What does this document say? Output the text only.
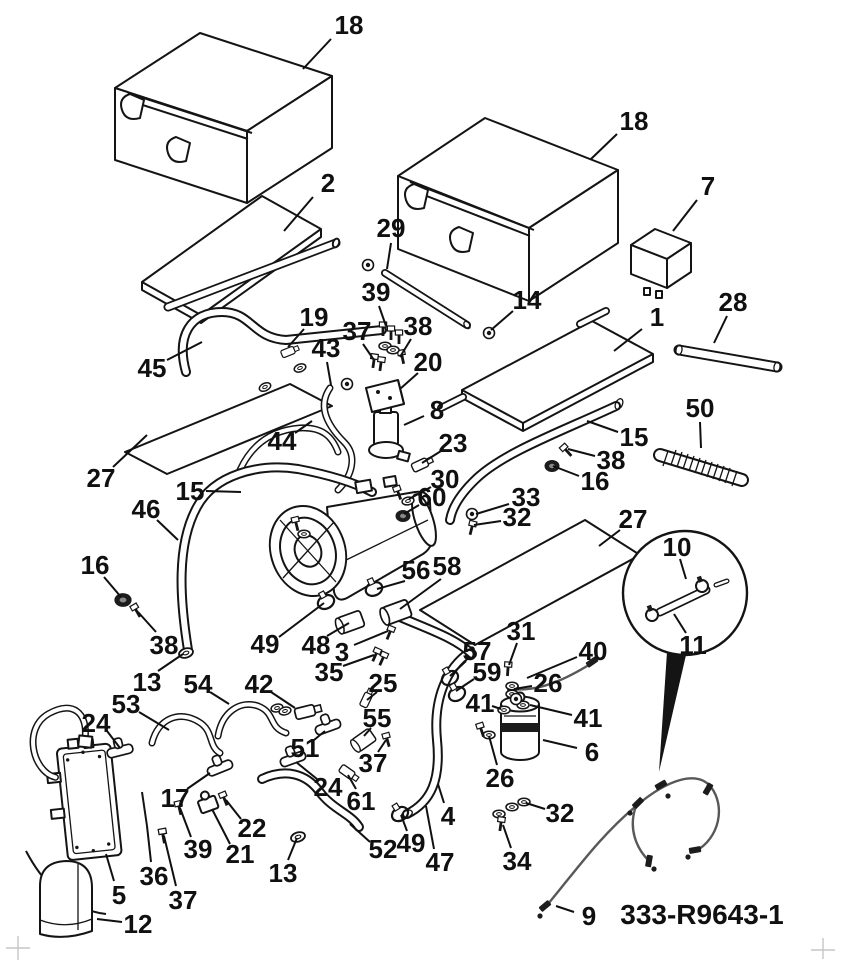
333-R9643-1
18
2
18
7
29
28
14
1
39
37 38
19
43	20
45
44
8
27
23	15
38
16
50
15	30
60	33
32
46
16
38
27
10
11
56 58
49 48 3
35
13 54 42	25
57
59
31
40
26
41	41
6
53
24	55
37
51
24 61
17
22
21
39
36
37
5
12
13
52 49
47
4
26
32
34
9
